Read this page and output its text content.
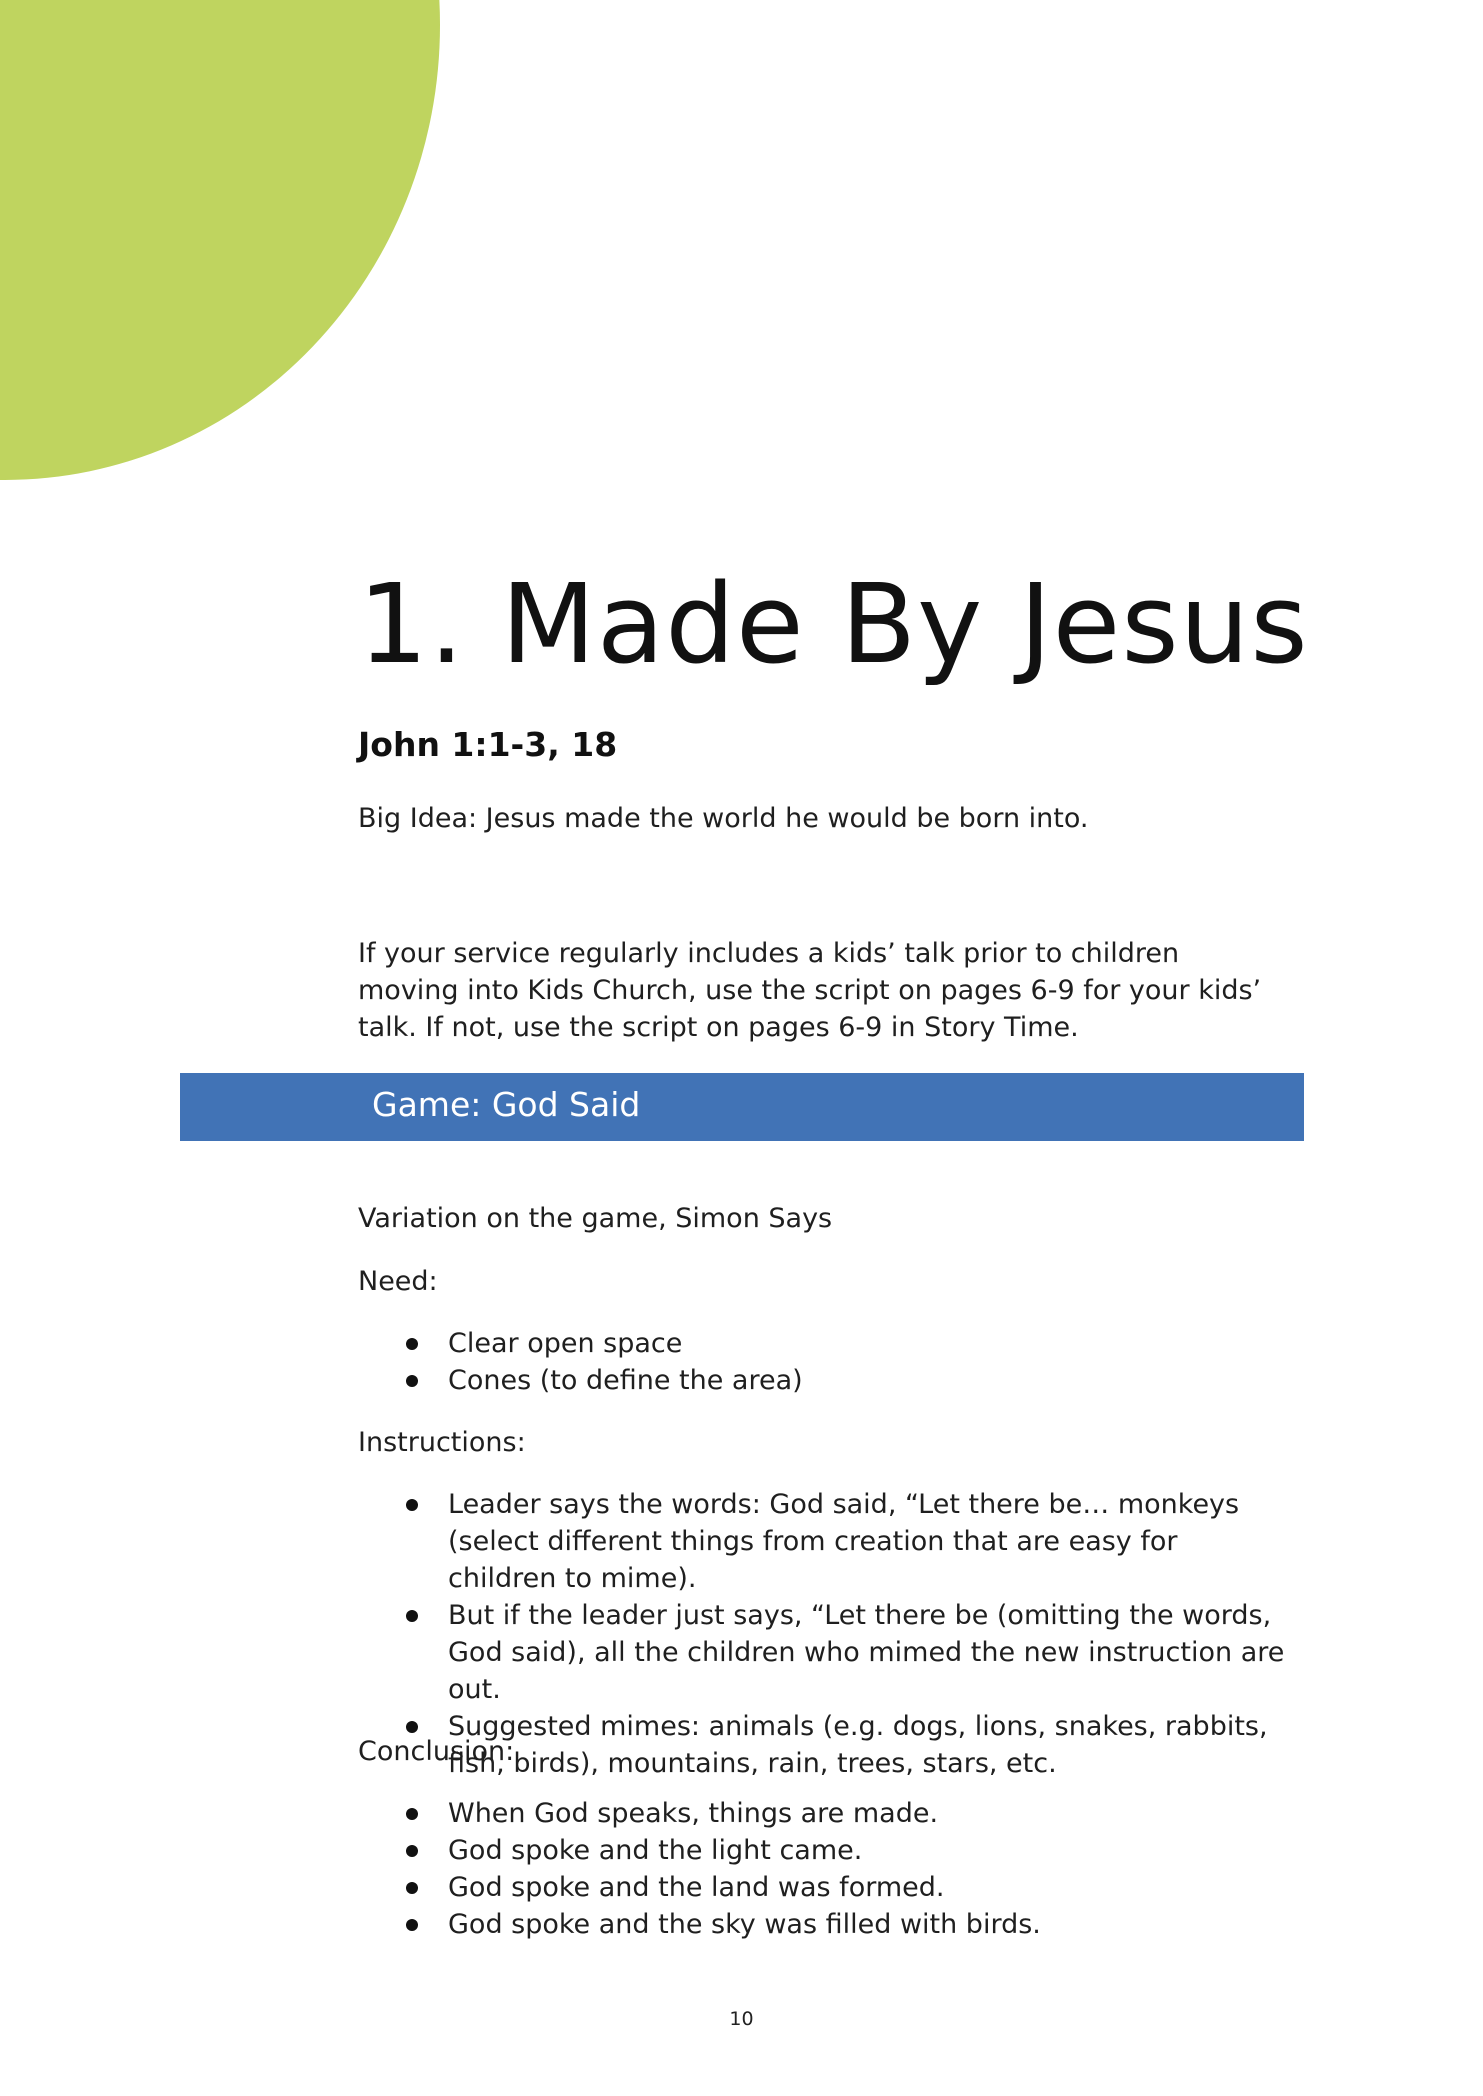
1. Made By Jesus

John 1:1-3, 18

Big Idea: Jesus made the world he would be born into.

If your service regularly includes a kids’ talk prior to children moving into Kids Church, use the script on pages 6-9 for your kids’ talk. If not, use the script on pages 6-9 in Story Time.

Game: God Said

Variation on the game, Simon Says

Need:

Clear open space
Cones (to define the area)

Instructions:

Leader says the words: God said, “Let there be… monkeys (select different things from creation that are easy for children to mime).
But if the leader just says, “Let there be (omitting the words, God said), all the children who mimed the new instruction are out.
Suggested mimes: animals (e.g. dogs, lions, snakes, rabbits, fish, birds), mountains, rain, trees, stars, etc.

Conclusion:

When God speaks, things are made.
God spoke and the light came.
God spoke and the land was formed.
God spoke and the sky was filled with birds.
10
